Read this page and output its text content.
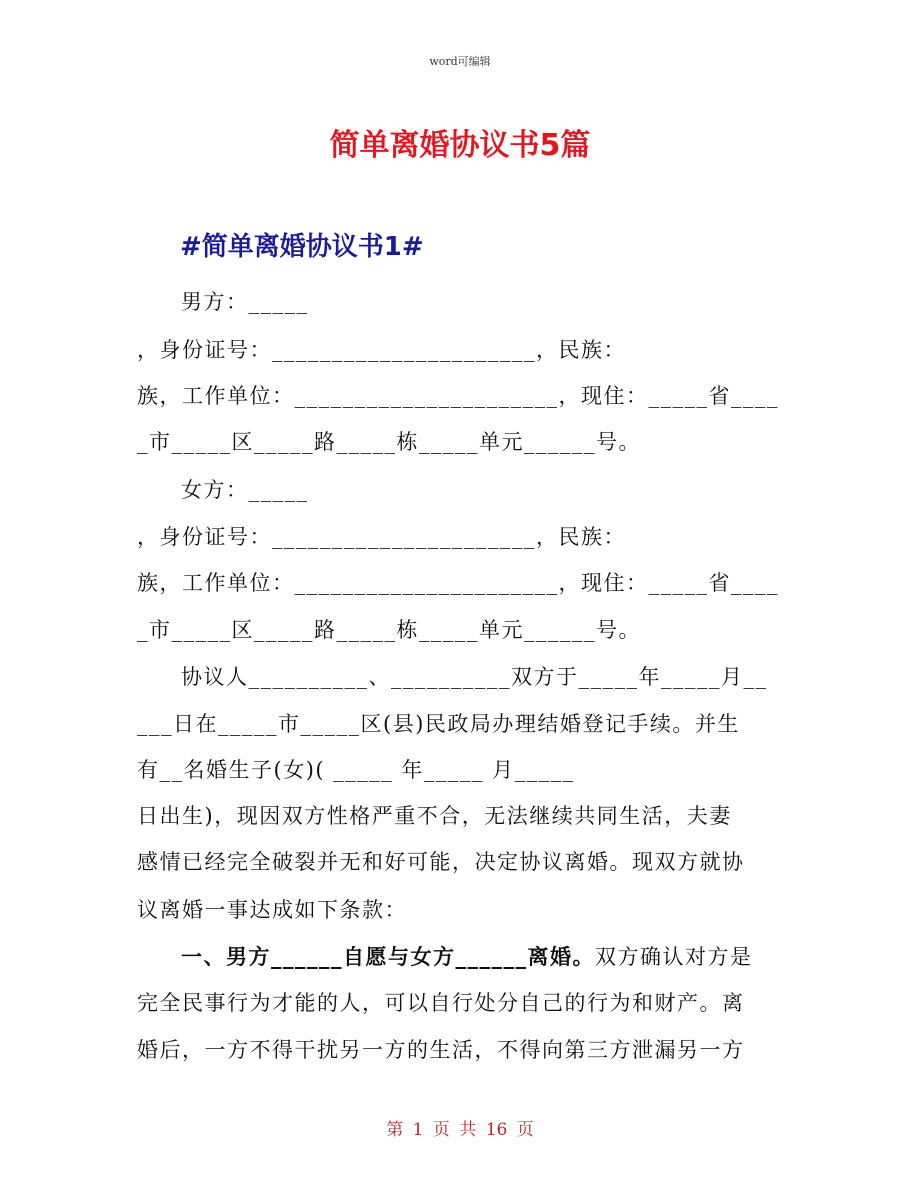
word可编辑
简单离婚协议书5篇
#简单离婚协议书1#
男方：_____
，身份证号：______________________，民族：
族，工作单位：______________________，现住：_____省____
_市_____区_____路_____栋_____单元______号。
女方：_____
，身份证号：______________________，民族：
族，工作单位：______________________，现住：_____省____
_市_____区_____路_____栋_____单元______号。
协议人__________、__________双方于_____年_____月__
___日在_____市_____区(县)民政局办理结婚登记手续。并生
有__名婚生子(女)( _____ 年_____ 月_____
日出生)，现因双方性格严重不合，无法继续共同生活，夫妻
感情已经完全破裂并无和好可能，决定协议离婚。现双方就协
议离婚一事达成如下条款：
一、男方______自愿与女方______离婚。双方确认对方是
完全民事行为才能的人，可以自行处分自己的行为和财产。离
婚后，一方不得干扰另一方的生活，不得向第三方泄漏另一方
第 1 页 共 16 页
